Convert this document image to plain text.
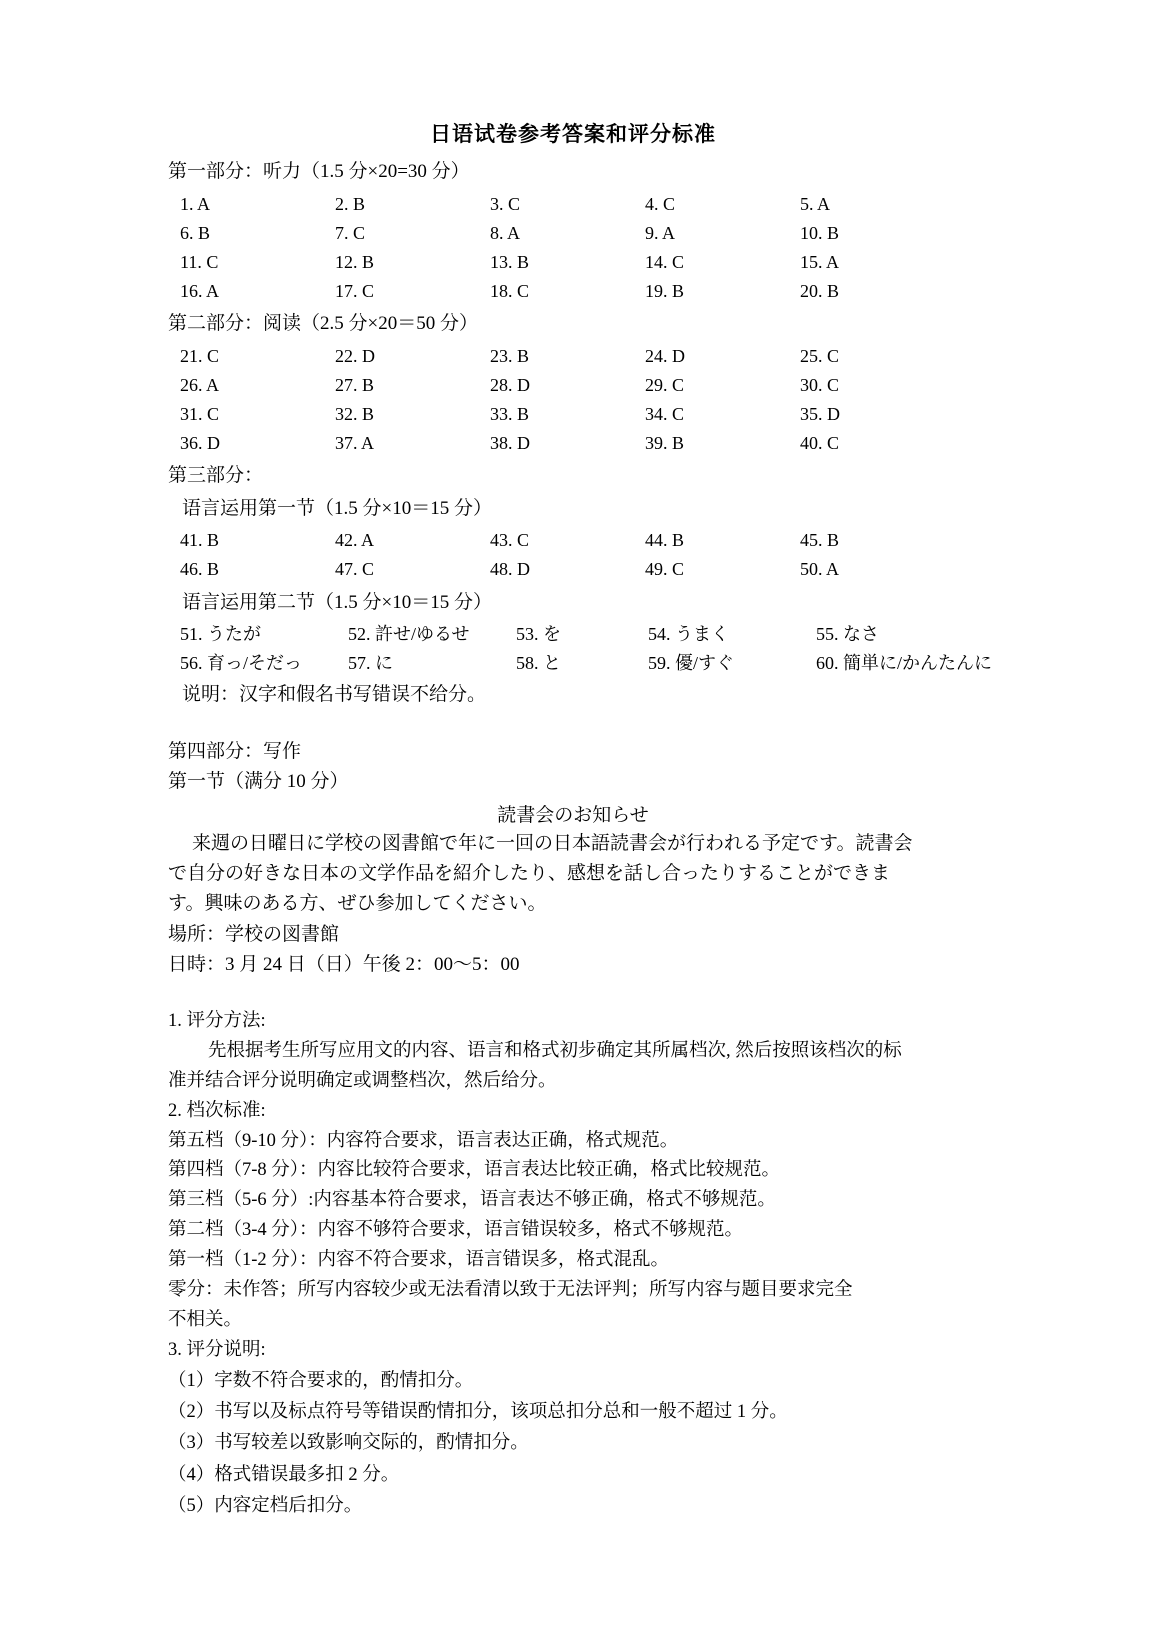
日语试卷参考答案和评分标准
第一部分：听力（1.5 分×20=30 分）
1. A	2. B	3. C	4. C	5. A
6. B	7. C	8. A	9. A	10. B
11. C	12. B	13. B	14. C	15. A
16. A	17. C	18. C	19. B	20. B
第二部分：阅读（2.5 分×20＝50 分）
21. C	22. D	23. B	24. D	25. C
26. A	27. B	28. D	29. C	30. C
31. C	32. B	33. B	34. C	35. D
36. D	37. A	38. D	39. B	40. C
第三部分：
语言运用第一节（1.5 分×10＝15 分）
41. B	42. A	43. C	44. B	45. B
46. B	47. C	48. D	49. C	50. A
语言运用第二节（1.5 分×10＝15 分）
51. うたが	52. 許せ/ゆるせ	53. を	54. うまく	55. なさ
56. 育っ/そだっ	57. に	58. と	59. 優/すぐ	60. 簡単に/かんたんに
说明：汉字和假名书写错误不给分。
第四部分：写作
第一节（满分 10 分）
読書会のお知らせ
来週の日曜日に学校の図書館で年に一回の日本語読書会が行われる予定です。読書会
で自分の好きな日本の文学作品を紹介したり、感想を話し合ったりすることができま
す。興味のある方、ぜひ参加してください。
場所：学校の図書館
日時：3 月 24 日（日）午後 2：00〜5：00
1. 评分方法:
先根据考生所写应用文的内容、语言和格式初步确定其所属档次, 然后按照该档次的标
准并结合评分说明确定或调整档次，然后给分。
2. 档次标准:
第五档（9-10 分）：内容符合要求，语言表达正确，格式规范。
第四档（7-8 分）：内容比较符合要求，语言表达比较正确，格式比较规范。
第三档（5-6 分）:内容基本符合要求，语言表达不够正确，格式不够规范。
第二档（3-4 分）：内容不够符合要求，语言错误较多，格式不够规范。
第一档（1-2 分）：内容不符合要求，语言错误多，格式混乱。
零分：未作答；所写内容较少或无法看清以致于无法评判；所写内容与题目要求完全
不相关。
3. 评分说明:
（1）字数不符合要求的，酌情扣分。
（2）书写以及标点符号等错误酌情扣分，该项总扣分总和一般不超过 1 分。
（3）书写较差以致影响交际的，酌情扣分。
（4）格式错误最多扣 2 分。
（5）内容定档后扣分。
